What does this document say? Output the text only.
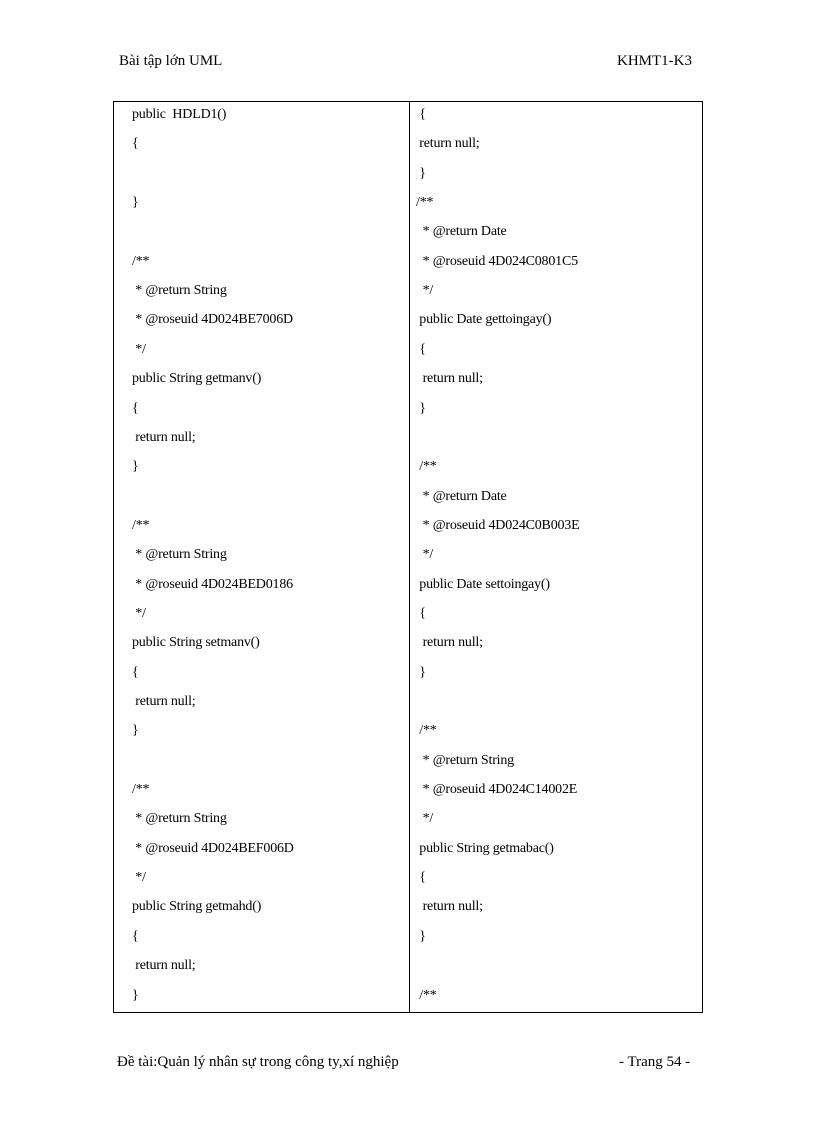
Bài tập lớn UML	KHMT1-K3
public  HDLD1()
{
}
/**
* @return String
* @roseuid 4D024BE7006D
*/
public String getmanv()
{
return null;
}
/**
* @return String
* @roseuid 4D024BED0186
*/
public String setmanv()
{
return null;
}
/**
* @return String
* @roseuid 4D024BEF006D
*/
public String getmahd()
{
return null;
}
{
return null;
}
/**
* @return Date
* @roseuid 4D024C0801C5
*/
public Date gettoingay()
{
return null;
}
/**
* @return Date
* @roseuid 4D024C0B003E
*/
public Date settoingay()
{
return null;
}
/**
* @return String
* @roseuid 4D024C14002E
*/
public String getmabac()
{
return null;
}
/**
Đề tài:Quản lý nhân sự trong công ty,xí nghiệp	- Trang 54 -
